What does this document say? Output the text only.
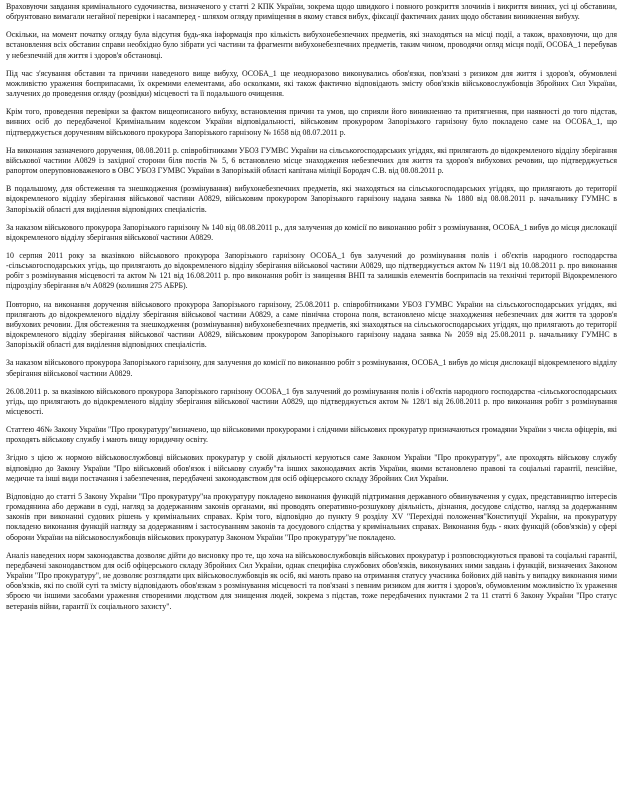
Враховуючи завдання кримінального судочинства, визначеного у статті 2 КПК України, зокрема щодо швидкого і повного розкриття злочинів і викриття винних, усі ці обставини, обґрунтовано вимагали негайної перевірки і насамперед - шляхом огляду приміщення в якому стався вибух, фіксації фактичних даних щодо обставин виникнення вибуху.

Оскільки, на момент початку огляду була відсутня будь-яка інформація про кількість вибухонебезпечних предметів, які знаходяться на місці події, а також, враховуючи, що для встановлення всіх обставин справи необхідно було зібрати усі частини та фрагменти вибухонебезпечних предметів, таким чином, проводячи огляд місця події, ОСОБА_1 перебував у небезпечній для життя і здоров'я обстановці.

Під час з'ясування обставин та причини наведеного вище вибуху, ОСОБА_1 ще неодноразово виконувались обов'язки, пов'язані з ризиком для життя і здоров'я, обумовлені можливістю ураження боєприпасами, їх окремими елементами, або осколками, які також фактично відповідають змісту обов'язків військовослужбовців Збройних Сил України, залучених до проведення огляду (розвідки) місцевості та її подальшого очищення.

Крім того, проведення перевірки за фактом вищеописаного вибуху, встановлення причин та умов, що сприяли його виникненню та притягнення, при наявності до того підстав, винних осіб до передбаченої Кримінальним кодексом України відповідальності, військовим прокурором Запорізького гарнізону було покладено саме на ОСОБА_1, що підтверджується дорученням військового прокурора Запорізького гарнізону № 1658 від 08.07.2011 р.

На виконання зазначеного доручення, 08.08.2011 р. співробітниками УБОЗ ГУМВС України на сільськогосподарських угіддях, які прилягають до відокремленого відділу зберігання військової частини А0829 із західної сторони біля постів № 5, 6 встановлено місце знаходження небезпечних для життя та здоров'я вибухових речовин, що підтверджується рапортом оперуповноваженого в ОВС УБОЗ ГУМВС України в Запорізькій області капітана міліції Бородач С.В. від 08.08.2011 р.

В подальшому, для обстеження та знешкодження (розмінування) вибухонебезпечних предметів, які знаходяться на сільськогосподарських угіддях, що прилягають до території відокремленого відділу зберігання військової частини А0829, військовим прокурором Запорізького гарнізону надана заявка № 1880 від 08.08.2011 р. начальнику ГУМНС в Запорізькій області для виділення відповідних спеціалістів.

За наказом військового прокурора Запорізького гарнізону № 140 від 08.08.2011 р., для залучення до комісії по виконанню робіт з розмінування, ОСОБА_1 вибув до місця дислокації відокремленого відділу зберігання військової частини А0829.

10 серпня 2011 року за вказівкою військового прокурора Запорізького гарнізону ОСОБА_1 був залучений до розмінування полів і об'єктів народного господарства -сільськогосподарських угідь, що прилягають до відокремленого відділу зберігання військової частини А0829, що підтверджується актом № 119/1 від 10.08.2011 р. про виконання робіт з розмінування місцевості та актом № 121 від 16.08.2011 р. про виконання робіт із знищення ВНП та залишків елементів боєприпасів на технічні території Відокремленого підрозділу зберігання в/ч А0829 (колишня 275 АБРБ).

Повторно, на виконання доручення військового прокурора Запорізького гарнізону, 25.08.2011 р. співробітниками УБОЗ ГУМВС України на сільськогосподарських угіддях, які прилягають до відокремленого відділу зберігання військової частини А0829, а саме північна сторона поля, встановлено місце знаходження небезпечних для життя та здоров'я вибухових речовин. Для обстеження та знешкодження (розмінування) вибухонебезпечних предметів, які знаходяться на сільськогосподарських угіддях, що прилягають до території відокремленого відділу зберігання військової частини А0829, військовим прокурором Запорізького гарнізону надана заявка № 2059 від 25.08.2011 р. начальнику ГУМНС в Запорізькій області для виділення відповідних спеціалістів.

За наказом військового прокурора Запорізького гарнізону, для залучення до комісії по виконанню робіт з розмінування, ОСОБА_1 вибув до місця дислокації відокремленого відділу зберігання військової частини А0829.

26.08.2011 р. за вказівкою військового прокурора Запорізького гарнізону ОСОБА_1 був залучений до розмінування полів і об'єктів народного господарства -сільськогосподарських угідь, що прилягають до відокремленого відділу зберігання військової частини А0829, що підтверджується актом № 128/1 від 26.08.2011 р. про виконання робіт з розмінування місцевості.

Статтею 46№ Закону України "Про прокуратуру"визначено, що військовими прокурорами і слідчими військових прокуратур призначаються громадяни України з числа офіцерів, які проходять військову службу і мають вищу юридичну освіту.

Згідно з цією ж нормою військовослужбовці військових прокуратур у своїй діяльності керуються саме Законом України "Про прокуратуру", але проходять військову службу відповідно до Закону України "Про військовий обов'язок і військову службу"та інших законодавчих актів України, якими встановлено правові та соціальні гарантії, пенсійне, медичне та інші види постачання і забезпечення, передбачені законодавством для осіб офіцерського складу Збройних Сил України.

Відповідно до статті 5 Закону України "Про прокуратуру"на прокуратуру покладено виконання функцій підтримання державного обвинувачення у судах, представництво інтересів громадянина або держави в суді, нагляд за додержанням законів органами, які проводять оперативно-розшукову діяльність, дізнання, досудове слідство, нагляд за додержанням законів при виконанні судових рішень у кримінальних справах. Крім того, відповідно до пункту 9 розділу XV "Перехідні положення"Конституції України, на прокуратуру покладено виконання функцій нагляду за додержанням і застосуванням законів та досудового слідства у кримінальних справах. Виконання будь - яких функцій (обов'язків) у сфері оборони України на військовослужбовців військових прокуратур Законом України "Про прокуратуру"не покладено.

Аналіз наведених норм законодавства дозволяє дійти до висновку про те, що хоча на військовослужбовців військових прокуратур і розповсюджуються правові та соціальні гарантії, передбачені законодавством для осіб офіцерського складу Збройних Сил України, однак специфіка службових обов'язків, виконуваних ними завдань і функцій, визначених Законом України "Про прокуратуру", не дозволяє розглядати цих військовослужбовців як осіб, які мають право на отримання статусу учасника бойових дій навіть у випадку виконання ними обов'язків, які по своїй суті та змісту відповідають обов'язкам з розмінування місцевості та пов'язані з певним ризиком для життя і здоров'я, обумовленим можливістю їх ураження зброєю чи іншими засобами ураження створеними людством для знищення людей, зокрема з підстав, тоже передбачених пунктами 2 та 11 статті 6 Закону України "Про статус ветеранів війни, гарантії їх соціального захисту".
